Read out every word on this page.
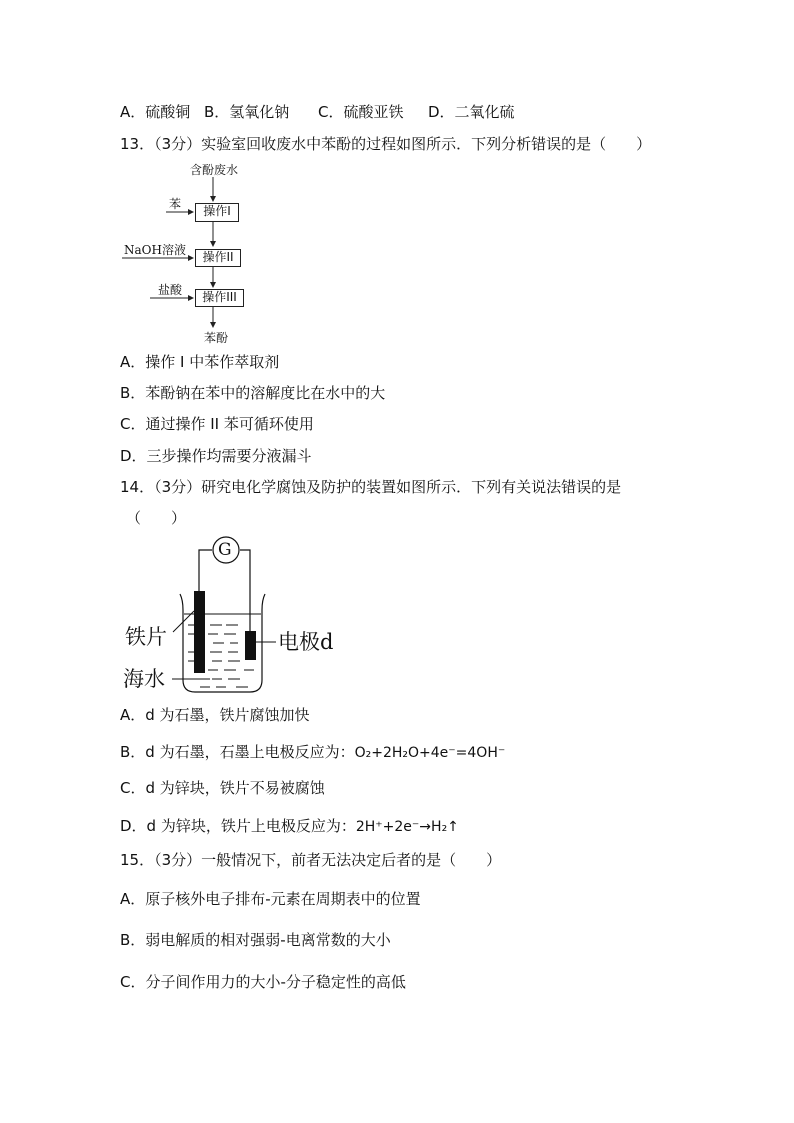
A．硫酸铜 B．氢氧化钠 C．硫酸亚铁 D．二氧化硫
13．（3分）实验室回收废水中苯酚的过程如图所示．下列分析错误的是（　　）
含酚废水
苯	操作I
NaOH溶液	操作II
盐酸	操作III
苯酚
A．操作 I 中苯作萃取剂
B．苯酚钠在苯中的溶解度比在水中的大
C．通过操作 II 苯可循环使用
D．三步操作均需要分液漏斗
14．（3分）研究电化学腐蚀及防护的装置如图所示．下列有关说法错误的是
（　　）
G
铁片	电极d
海水
A．d 为石墨，铁片腐蚀加快
B．d 为石墨，石墨上电极反应为：O₂+2H₂O+4e⁻=4OH⁻
C．d 为锌块，铁片不易被腐蚀
D．d 为锌块，铁片上电极反应为：2H⁺+2e⁻→H₂↑
15．（3分）一般情况下，前者无法决定后者的是（　　）
A．原子核外电子排布-元素在周期表中的位置
B．弱电解质的相对强弱-电离常数的大小
C．分子间作用力的大小-分子稳定性的高低
